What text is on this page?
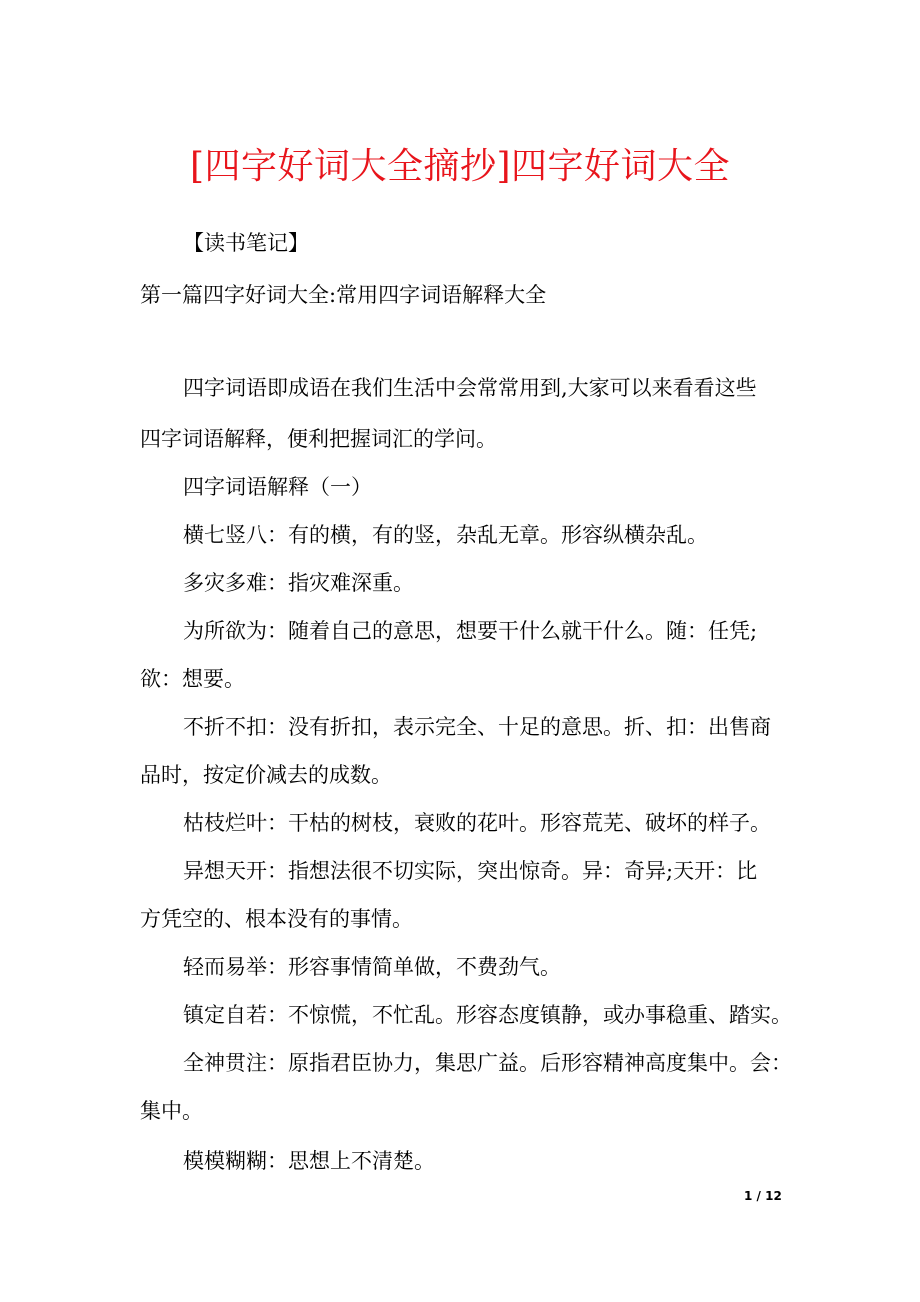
[四字好词大全摘抄]四字好词大全
【读书笔记】
第一篇四字好词大全:常用四字词语解释大全
四字词语即成语在我们生活中会常常用到,大家可以来看看这些
四字词语解释，便利把握词汇的学问。
四字词语解释（一）
横七竖八：有的横，有的竖，杂乱无章。形容纵横杂乱。
多灾多难：指灾难深重。
为所欲为：随着自己的意思，想要干什么就干什么。随：任凭;
欲：想要。
不折不扣：没有折扣，表示完全、十足的意思。折、扣：出售商
品时，按定价减去的成数。
枯枝烂叶：干枯的树枝，衰败的花叶。形容荒芜、破坏的样子。
异想天开：指想法很不切实际，突出惊奇。异：奇异;天开：比
方凭空的、根本没有的事情。
轻而易举：形容事情简单做，不费劲气。
镇定自若：不惊慌，不忙乱。形容态度镇静，或办事稳重、踏实。
全神贯注：原指君臣协力，集思广益。后形容精神高度集中。会：
集中。
模模糊糊：思想上不清楚。
1 / 12
